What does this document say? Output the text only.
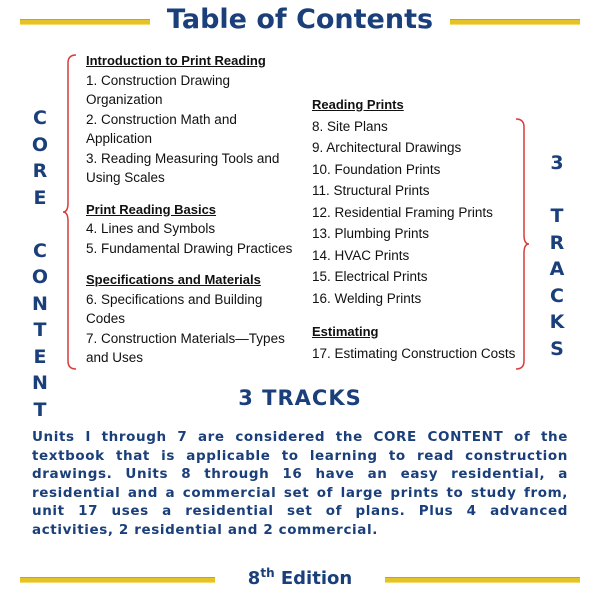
Table of Contents
C
O
R
E

C
O
N
T
E
N
T
3

T
R
A
C
K
S
Introduction to Print Reading
1. Construction Drawing Organization
2. Construction Math and Application
3. Reading Measuring Tools and Using Scales
Print Reading Basics
4. Lines and Symbols
5. Fundamental Drawing Practices
Specifications and Materials
6. Specifications and Building Codes
7. Construction Materials—Types and Uses
Reading Prints
8. Site Plans
9. Architectural Drawings
10. Foundation Prints
11. Structural Prints
12. Residential Framing Prints
13. Plumbing Prints
14. HVAC Prints
15. Electrical Prints
16. Welding Prints
Estimating
17. Estimating Construction Costs
3 TRACKS
Units I through 7 are considered the CORE CONTENT of the textbook that is applicable to learning to read construction drawings. Units 8 through 16 have an easy residential, a residential and a commercial set of large prints to study from, unit 17 uses a residential set of plans. Plus 4 advanced activities, 2 residential and 2 commercial.
8th Edition
